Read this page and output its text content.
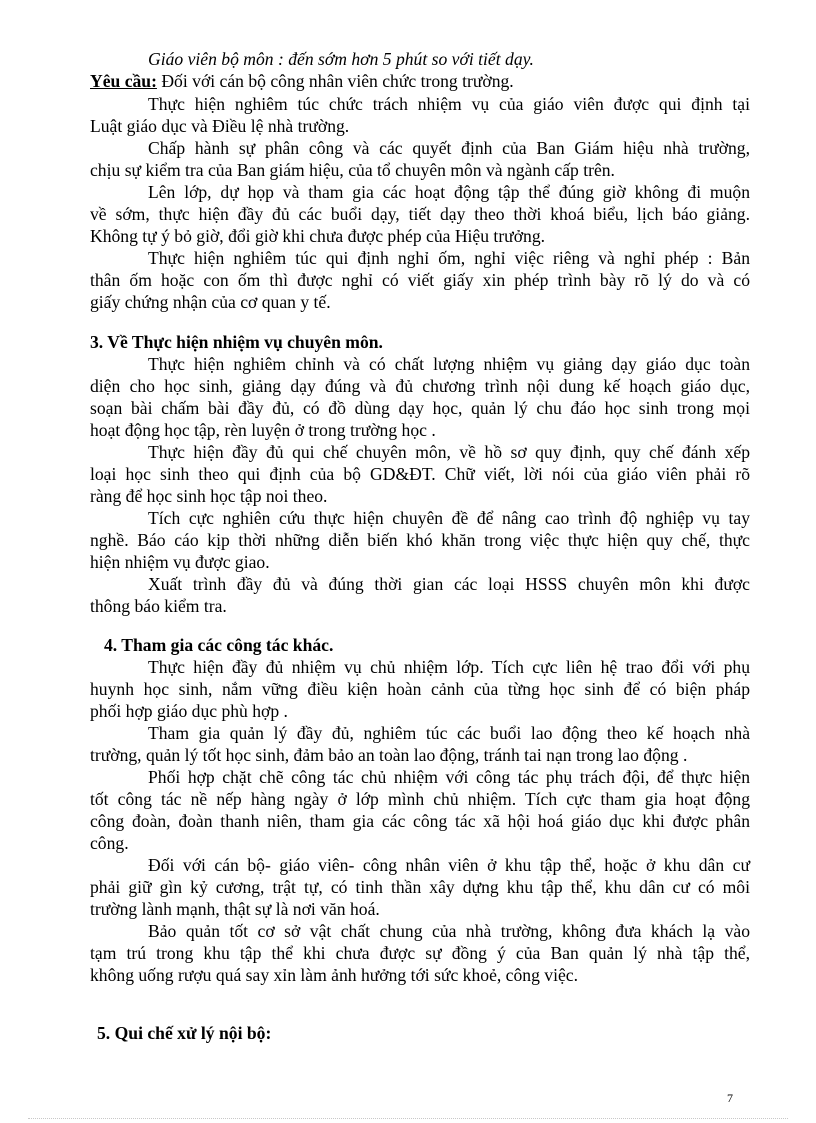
Giáo viên bộ môn : đến sớm hơn 5 phút so với tiết dạy.
Yêu cầu: Đối với cán bộ công nhân viên chức trong trường.
Thực hiện nghiêm túc chức trách nhiệm vụ của giáo viên được qui định tại
Luật giáo dục và Điều lệ nhà trường.
Chấp hành sự phân công và các quyết định của Ban Giám hiệu nhà trường,
chịu sự kiểm tra của Ban giám hiệu, của tổ chuyên môn và ngành cấp trên.
Lên lớp, dự họp và tham gia các hoạt động tập thể đúng giờ không đi muộn
về sớm, thực hiện đầy đủ các buổi dạy, tiết dạy theo thời khoá biểu, lịch báo giảng.
Không tự ý bỏ giờ, đổi giờ khi chưa được phép của Hiệu trưởng.
Thực hiện nghiêm túc qui định nghỉ ốm, nghỉ việc riêng và nghỉ phép : Bản
thân ốm hoặc con ốm thì được nghỉ có viết giấy xin phép trình bày rõ lý do và có
giấy chứng nhận của cơ quan y tế.
3. Về Thực hiện nhiệm vụ chuyên môn.
Thực hiện nghiêm chỉnh và có chất lượng nhiệm vụ giảng dạy giáo dục toàn
diện cho học sinh, giảng dạy đúng và đủ chương trình nội dung kế hoạch giáo dục,
soạn bài chấm bài đầy đủ, có đồ dùng dạy học, quản lý chu đáo học sinh trong mọi
hoạt động học tập, rèn luyện ở trong trường học .
Thực hiện đầy đủ qui chế chuyên môn, về hồ sơ quy định, quy chế đánh xếp
loại học sinh theo qui định của bộ GD&ĐT. Chữ viết, lời nói của giáo viên phải rõ
ràng để học sinh học tập noi theo.
Tích cực nghiên cứu thực hiện chuyên đề để nâng cao trình độ nghiệp vụ tay
nghề. Báo cáo kịp thời những diễn biến khó khăn trong việc thực hiện quy chế, thực
hiện nhiệm vụ được giao.
Xuất trình đầy đủ và đúng thời gian các loại HSSS chuyên môn khi được
thông báo kiểm tra.
4. Tham gia các công tác khác.
Thực hiện đầy đủ nhiệm vụ chủ nhiệm lớp. Tích cực liên hệ trao đổi với phụ
huynh học sinh, nắm vững điều kiện hoàn cảnh của từng học sinh để có biện pháp
phối hợp giáo dục phù hợp .
Tham gia quản lý đầy đủ, nghiêm túc các buổi lao động theo kế hoạch nhà
trường, quản lý tốt học sinh, đảm bảo an toàn lao động, tránh tai nạn trong lao động .
Phối hợp chặt chẽ công tác chủ nhiệm với công tác phụ trách đội, để thực hiện
tốt công tác nề nếp hàng ngày ở lớp mình chủ nhiệm. Tích cực tham gia hoạt động
công đoàn, đoàn thanh niên, tham gia các công tác xã hội hoá giáo dục khi được phân
công.
Đối với cán bộ- giáo viên- công nhân viên ở khu tập thể, hoặc ở khu dân cư
phải giữ gìn kỷ cương, trật tự, có tinh thần xây dựng khu tập thể, khu dân cư có môi
trường lành mạnh, thật sự là nơi văn hoá.
Bảo quản tốt cơ sở vật chất chung của nhà trường, không đưa khách lạ vào
tạm trú trong khu tập thể khi chưa được sự đồng ý của Ban quản lý nhà tập thể,
không uống rượu quá say xỉn làm ảnh hưởng tới sức khoẻ, công việc.
5. Qui chế xử lý nội bộ:
7
